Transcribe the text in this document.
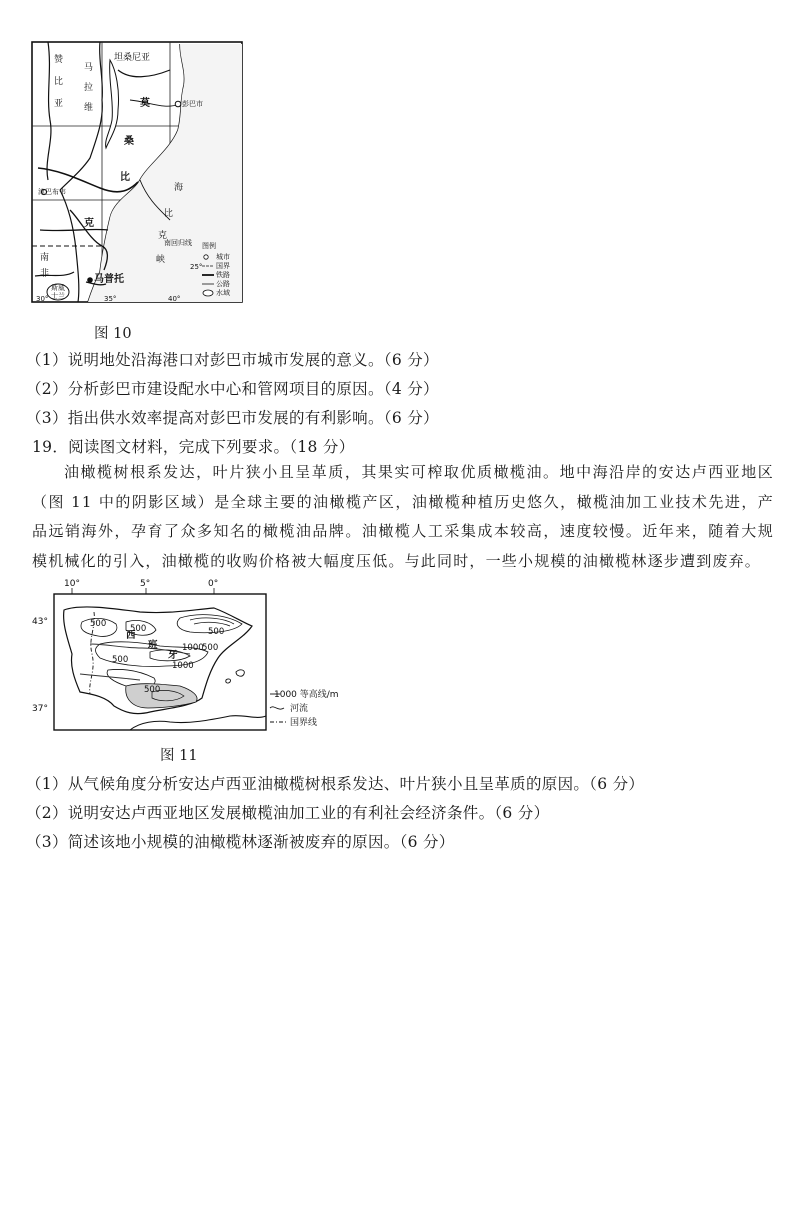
赞
比
亚
马
拉
维
坦桑尼亚
莫	彭巴市
桑
比
克
津巴布韦	海
比
克
南回归线
峡
南
非	马普托
斯威
士兰
25°
30°	35°	40°
图例
城市
国界
铁路
公路
水域
图 10
（1）说明地处沿海港口对彭巴市城市发展的意义。（6 分）
（2）分析彭巴市建设配水中心和管网项目的原因。（4 分）
（3）指出供水效率提高对彭巴市发展的有利影响。（6 分）
19．阅读图文材料，完成下列要求。（18 分）
油橄榄树根系发达，叶片狭小且呈革质，其果实可榨取优质橄榄油。地中海沿岸的安达卢西亚地区（图 11 中的阴影区域）是全球主要的油橄榄产区，油橄榄种植历史悠久，橄榄油加工业技术先进，产品远销海外，孕育了众多知名的橄榄油品牌。油橄榄人工采集成本较高，速度较慢。近年来，随着大规模机械化的引入，油橄榄的收购价格被大幅度压低。与此同时，一些小规模的油橄榄林逐步遭到废弃。
10°	5°	0°
43°
37°
500	500
500
1000
500
500
1000
500
西
班
牙
1000 等高线/m
河流
国界线
图 11
（1）从气候角度分析安达卢西亚油橄榄树根系发达、叶片狭小且呈革质的原因。（6 分）
（2）说明安达卢西亚地区发展橄榄油加工业的有利社会经济条件。（6 分）
（3）简述该地小规模的油橄榄林逐渐被废弃的原因。（6 分）
